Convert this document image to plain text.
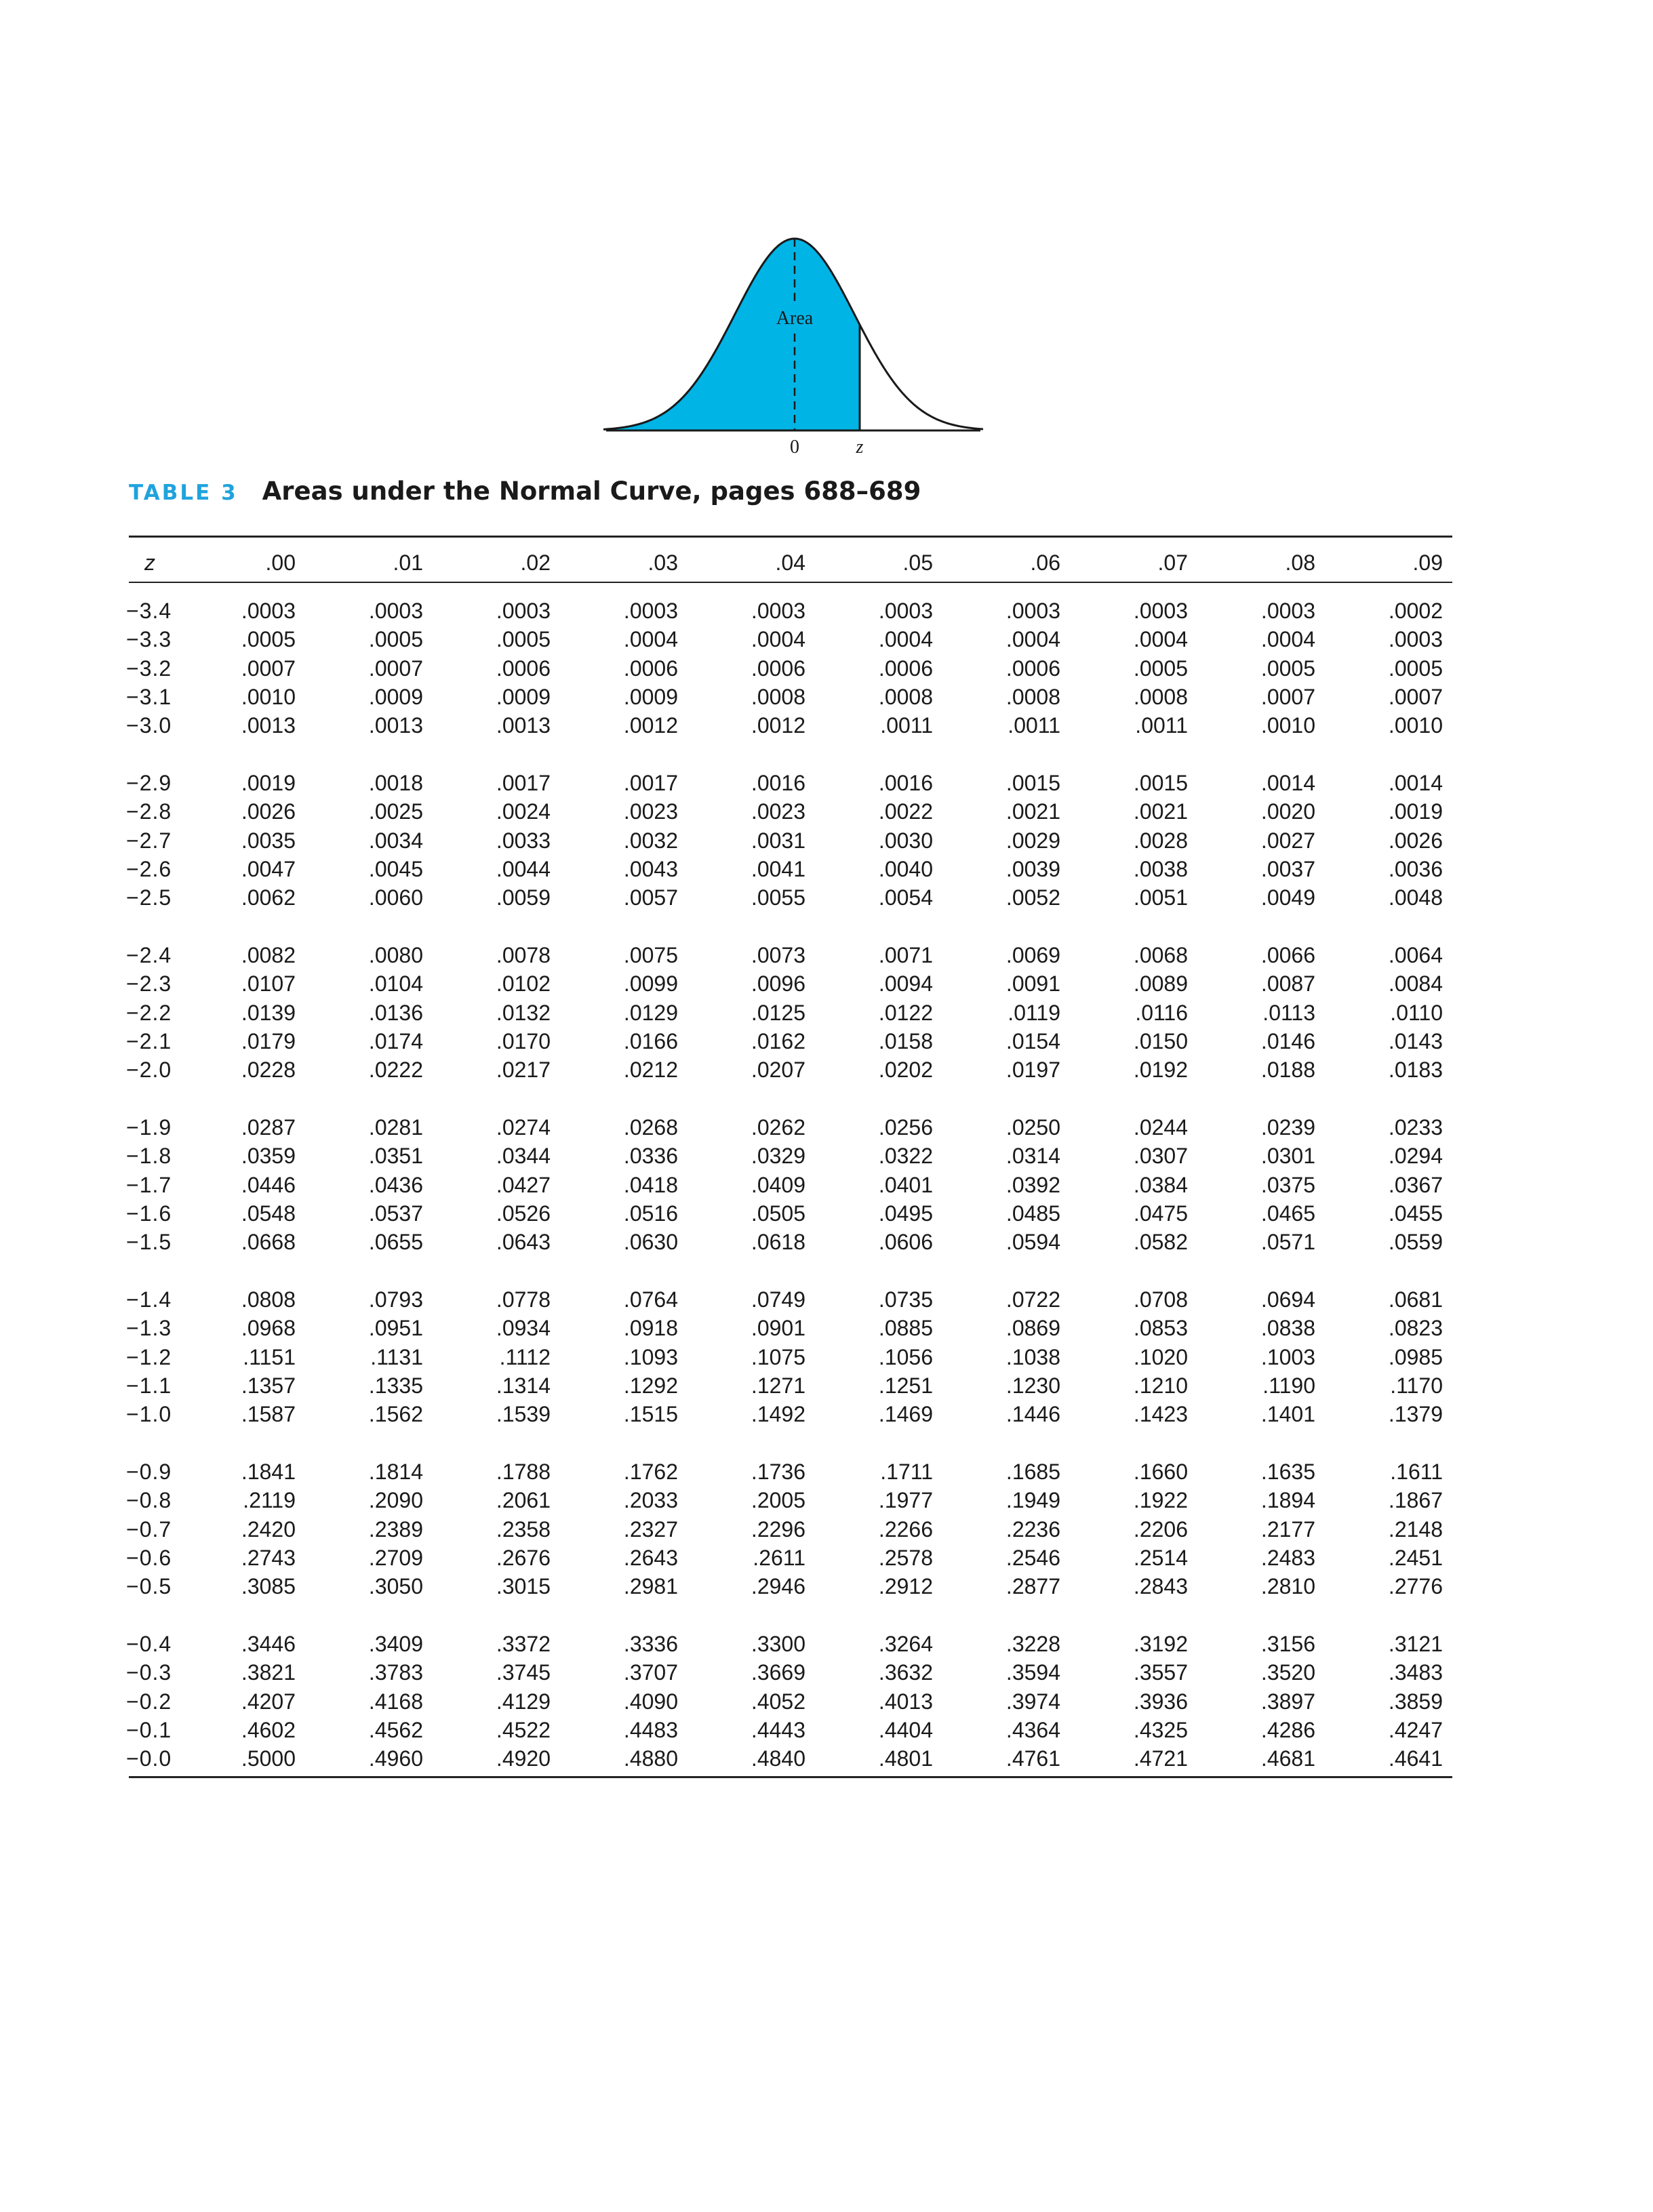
Area
0	z
TABLE 3 Areas under the Normal Curve, pages 688–689
z	.00	.01	.02	.03	.04	.05	.06	.07	.08	.09
−3.4	.0003	.0003	.0003	.0003	.0003	.0003	.0003	.0003	.0003	.0002
−3.3	.0005	.0005	.0005	.0004	.0004	.0004	.0004	.0004	.0004	.0003
−3.2	.0007	.0007	.0006	.0006	.0006	.0006	.0006	.0005	.0005	.0005
−3.1	.0010	.0009	.0009	.0009	.0008	.0008	.0008	.0008	.0007	.0007
−3.0	.0013	.0013	.0013	.0012	.0012	.0011	.0011	.0011	.0010	.0010
−2.9	.0019	.0018	.0017	.0017	.0016	.0016	.0015	.0015	.0014	.0014
−2.8	.0026	.0025	.0024	.0023	.0023	.0022	.0021	.0021	.0020	.0019
−2.7	.0035	.0034	.0033	.0032	.0031	.0030	.0029	.0028	.0027	.0026
−2.6	.0047	.0045	.0044	.0043	.0041	.0040	.0039	.0038	.0037	.0036
−2.5	.0062	.0060	.0059	.0057	.0055	.0054	.0052	.0051	.0049	.0048
−2.4	.0082	.0080	.0078	.0075	.0073	.0071	.0069	.0068	.0066	.0064
−2.3	.0107	.0104	.0102	.0099	.0096	.0094	.0091	.0089	.0087	.0084
−2.2	.0139	.0136	.0132	.0129	.0125	.0122	.0119	.0116	.0113	.0110
−2.1	.0179	.0174	.0170	.0166	.0162	.0158	.0154	.0150	.0146	.0143
−2.0	.0228	.0222	.0217	.0212	.0207	.0202	.0197	.0192	.0188	.0183
−1.9	.0287	.0281	.0274	.0268	.0262	.0256	.0250	.0244	.0239	.0233
−1.8	.0359	.0351	.0344	.0336	.0329	.0322	.0314	.0307	.0301	.0294
−1.7	.0446	.0436	.0427	.0418	.0409	.0401	.0392	.0384	.0375	.0367
−1.6	.0548	.0537	.0526	.0516	.0505	.0495	.0485	.0475	.0465	.0455
−1.5	.0668	.0655	.0643	.0630	.0618	.0606	.0594	.0582	.0571	.0559
−1.4	.0808	.0793	.0778	.0764	.0749	.0735	.0722	.0708	.0694	.0681
−1.3	.0968	.0951	.0934	.0918	.0901	.0885	.0869	.0853	.0838	.0823
−1.2	.1151	.1131	.1112	.1093	.1075	.1056	.1038	.1020	.1003	.0985
−1.1	.1357	.1335	.1314	.1292	.1271	.1251	.1230	.1210	.1190	.1170
−1.0	.1587	.1562	.1539	.1515	.1492	.1469	.1446	.1423	.1401	.1379
−0.9	.1841	.1814	.1788	.1762	.1736	.1711	.1685	.1660	.1635	.1611
−0.8	.2119	.2090	.2061	.2033	.2005	.1977	.1949	.1922	.1894	.1867
−0.7	.2420	.2389	.2358	.2327	.2296	.2266	.2236	.2206	.2177	.2148
−0.6	.2743	.2709	.2676	.2643	.2611	.2578	.2546	.2514	.2483	.2451
−0.5	.3085	.3050	.3015	.2981	.2946	.2912	.2877	.2843	.2810	.2776
−0.4	.3446	.3409	.3372	.3336	.3300	.3264	.3228	.3192	.3156	.3121
−0.3	.3821	.3783	.3745	.3707	.3669	.3632	.3594	.3557	.3520	.3483
−0.2	.4207	.4168	.4129	.4090	.4052	.4013	.3974	.3936	.3897	.3859
−0.1	.4602	.4562	.4522	.4483	.4443	.4404	.4364	.4325	.4286	.4247
−0.0	.5000	.4960	.4920	.4880	.4840	.4801	.4761	.4721	.4681	.4641
